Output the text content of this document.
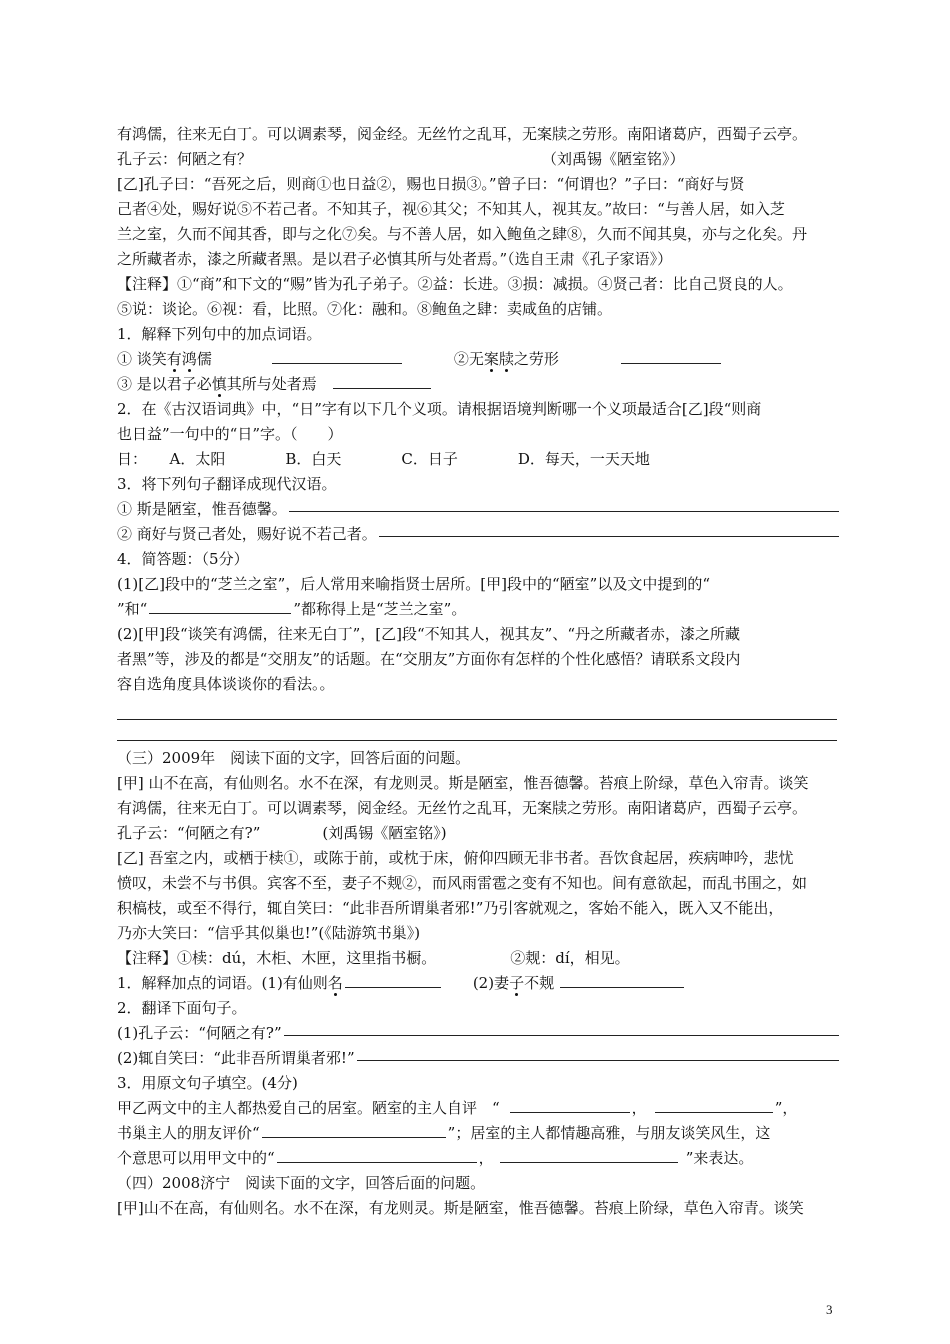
有鸿儒，往来无白丁。可以调素琴，阅金经。无丝竹之乱耳，无案牍之劳形。南阳诸葛庐，西蜀子云亭。
孔子云：何陋之有？	（刘禹锡《陋室铭》）
[乙]孔子曰：“吾死之后，则商①也日益②，赐也日损③。”曾子曰：“何谓也？”子曰：“商好与贤
己者④处，赐好说⑤不若己者。不知其子，视⑥其父；不知其人，视其友。”故曰：“与善人居，如入芝
兰之室，久而不闻其香，即与之化⑦矣。与不善人居，如入鲍鱼之肆⑧，久而不闻其臭，亦与之化矣。丹
之所藏者赤，漆之所藏者黑。是以君子必慎其所与处者焉。”（选自王肃《孔子家语》）
【注释】①“商”和下文的“赐”皆为孔子弟子。②益：长进。③损：减损。④贤己者：比自己贤良的人。
⑤说：谈论。⑥视：看，比照。⑦化：融和。⑧鲍鱼之肆：卖咸鱼的店铺。
1．解释下列句中的加点词语。
① 谈笑有鸿儒	②无案牍之劳形
③ 是以君子必慎其所与处者焉
2．在《古汉语词典》中，“日”字有以下几个义项。请根据语境判断哪一个义项最适合[乙]段“则商
也日益”一句中的“日”字。（　　）
日：　　A．太阳　　　　B．白天　　　　C．日子　　　　D．每天，一天天地
3．将下列句子翻译成现代汉语。
① 斯是陋室，惟吾德馨。
② 商好与贤己者处，赐好说不若己者。
4．简答题：（5分）
(1)[乙]段中的“芝兰之室”，后人常用来喻指贤士居所。[甲]段中的“陋室”以及文中提到的“
”和“	”都称得上是“芝兰之室”。
(2)[甲]段“谈笑有鸿儒，往来无白丁”，[乙]段“不知其人，视其友”、“丹之所藏者赤，漆之所藏
者黑”等，涉及的都是“交朋友”的话题。在“交朋友”方面你有怎样的个性化感悟？请联系文段内
容自选角度具体谈谈你的看法。。
（三）2009年　阅读下面的文字，回答后面的问题。
[甲] 山不在高，有仙则名。水不在深，有龙则灵。斯是陋室，惟吾德馨。苔痕上阶绿，草色入帘青。谈笑
有鸿儒，往来无白丁。可以调素琴，阅金经。无丝竹之乱耳，无案牍之劳形。南阳诸葛庐，西蜀子云亭。
孔子云：“何陋之有?”	(刘禹锡《陋室铭》)
[乙] 吾室之内，或栖于椟①，或陈于前，或枕于床，俯仰四顾无非书者。吾饮食起居，疾病呻吟，悲忧
愤叹，未尝不与书俱。宾客不至，妻子不觌②，而风雨雷雹之变有不知也。间有意欲起，而乱书围之，如
积槁枝，或至不得行，辄自笑曰：“此非吾所谓巢者邪!”乃引客就观之，客始不能入，既入又不能出，
乃亦大笑曰：“信乎其似巢也!”(《陆游筑书巢》)
【注释】①椟：dú，木柜、木匣，这里指书橱。	②觌：dí，相见。
1．解释加点的词语。(1)有仙则名	(2)妻子不觌
2．翻译下面句子。
(1)孔子云：“何陋之有?”
(2)辄自笑曰：“此非吾所谓巢者邪!”
3．用原文句子填空。(4分)
甲乙两文中的主人都热爱自己的居室。陋室的主人自评　“	，	”，
书巢主人的朋友评价“	”；居室的主人都情趣高雅，与朋友谈笑风生，这
个意思可以用甲文中的“	，	”来表达。
（四）2008济宁　阅读下面的文字，回答后面的问题。
[甲]山不在高，有仙则名。水不在深，有龙则灵。斯是陋室，惟吾德馨。苔痕上阶绿，草色入帘青。谈笑
3
